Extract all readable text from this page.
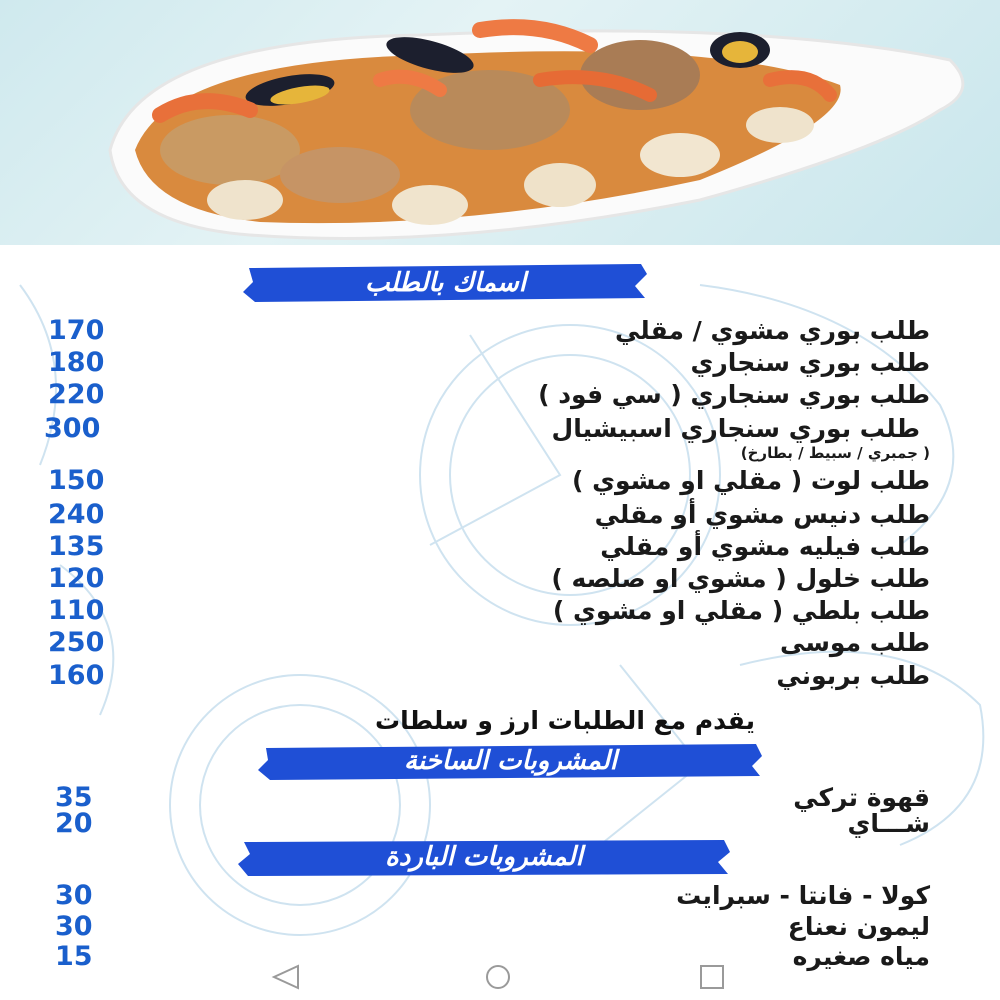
اسماك بالطلب
طلب بوري مشوي / مقلي
170
طلب بوري سنجاري
180
طلب بوري سنجاري ( سي فود )
220
طلب بوري سنجاري اسبيشيال
300
( جمبري / سبيط / بطارخ)
طلب لوت ( مقلي او مشوي )
150
طلب دنيس مشوي أو مقلي
240
طلب فيليه مشوي أو مقلي
135
طلب خلول ( مشوي او صلصه )
120
طلب بلطي ( مقلي او مشوي )
110
طلب موسى
250
طلب بربوني
160
يقدم مع الطلبات ارز و سلطات
المشروبات الساخنة
قهوة تركي
35
شـــاي
20
المشروبات الباردة
كولا - فانتا - سبرايت
30
ليمون نعناع
30
مياه صغيره
15
